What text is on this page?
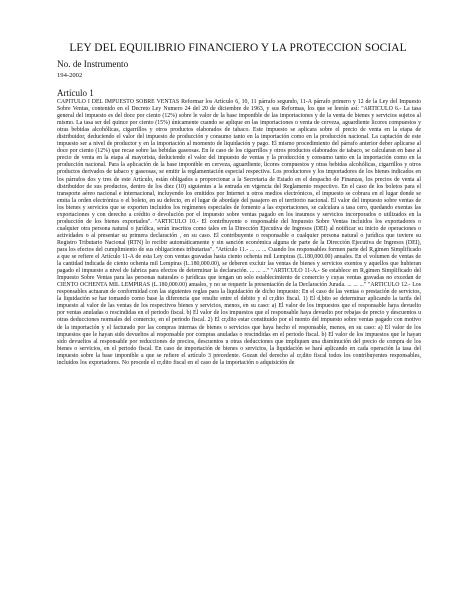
LEY DEL EQUILIBRIO FINANCIERO Y LA PROTECCION SOCIAL
No. de Instrumento
194-2002
Artículo 1
CAPITULO I DEL IMPUESTO SOBRE VENTAS Reformar los Artículo 6, 10, 11 párrafo segundo, 11-A párrafo primero y 12 de la Ley del Impuesto Sobre Ventas, contenido en el Decreto Ley Numero 24 del 20 de diciembre de 1963, y sus Reformas, los que se leerán así: "ARTICULO 6.- La tasa general del impuesto es del doce por ciento (12%) sobre le valor de la base imponible de las importaciones y de la venta de bienes y servicios sujetos al mismo. La tasa ser del quince por ciento (15%) únicamente cuando se aplique en las importaciones o venta de cerveza, aguardiente licores compuestos y otras bebidas alcohólicas, cigarrillos y otros productos elaborados de tabaco. Este impuesto se aplicara sobre el precio de venta en la etapa de distribuidor, deduciendo el valor del impuesto de producción y consumo tanto en la importación como en la producción nacional. La captación de este impuesto ser a nivel de productor y en la importación al momento de liquidación y pago. El mismo procedimiento del párrafo anterior deber aplicarse al doce por ciento (12%) que recae sobre las bebidas gaseosas. En le caso de los cigarrillos y otros productos elaborados de tabaco, se calcularan en base al precio de venta en la etapa al mayorista, deduciendo el valor del impuesto de ventas y la producción y consumo tanto en la importación como en la producción nacional. Para la aplicación de la base imponible en cerveza, aguardiente, licores compuestos y otras bebidas alcohólicas, cigarrillos y otros productos derivados de tabaco y gaseosas, se emitir la reglamentación especial respectiva. Los productores y los importadores de los bienes indicados en los párrafos dos y tres de este Artículo, están obligados a proporcionar a la Secretaria de Estado en el despacho de Finanzas, los precios de venta al distribuidor de sus productos, dentro de los diez (10) siguientes a la entrada en vigencia del Reglamento respectivo. En el caso de los boletos para el transporte aéreo nacional e internacional, incluyendo los emitidos por Internet u otros medios electrónicos, el impuesto se cobrara en el lugar donde se emita la orden electrónica o el boleto, en su defecto, en el lugar de abordaje del pasajero en el territorio nacional. El valor del impuesto sobre ventas de los bienes y servicios que se exporten incluidos los regímenes especiales de fomento a las exportaciones, se calculara a tasa cero, quedando exentas las exportaciones y con derecho a crédito o devolución por el impuesto sobre ventas pagado en los insumos y servicios incorporados o utilizados en la producción de los bienes exportados". "ARTICULO 10.- El contribuyente o responsable del Impuesto Sobre Ventas incluidos los exportadores o cualquier otra persona natural o jurídica, serán inscritos como tales en la Dirección Ejecutiva de Ingresos (DEI) al notificar su inicio de operaciones o actividades o al presentar su primera declaración , en su caso. El contribuyente o responsable o cualquier persona natural o jurídica que tuviere su Registro Tributario Nacional (RTN) lo recibir automáticamente y sin sanción económica alguna de parte de la Dirección Ejecutiva de Ingresos (DEI), para los efectos del cumplimiento de sus obligaciones tributarias". "Artículo 11.- ... ... ... Cuando los responsables formen parte del R,gimen Simplificado a que se refiere el Artículo 11-A de esta Ley con ventas gravadas hasta ciento ochenta mil Lempiras (L.180,000.00) anuales. En el volumen de ventas de la cantidad indicada de ciento ochenta mil Lempiras (L.180,000.00), se deberen excluir las ventas de bienes y servicios exentos y aquellos que hubieran pagado el impuesto a nivel de fabrica para efectos de determinar la declaración. ... ... ..." "ARTICULO 11-A.- Se establece en R,gimen Simplificado del Impuesto Sobre Ventas para las personas naturales o jurídicas que tengan un solo establecimiento de comercio y cuyas ventas gravadas no excedan de CIENTO OCHENTA MIL LEMPIRAS (L.180,000.00) anuales, y no se requerir la presentación de la Declaración Jurada. ... ... ..." "ARTICULO 12.- Los responsables actuaran de conformidad con las siguientes reglas para la liquidación de dicho impuesto: En el caso de las ventas o prestación de servicios, la liquidación se har tomando como base la diferencia que resulte entre el debito y el cr,dito fiscal. 1) El d,bito se determinar aplicando la tarifa del impuesto al valor de las ventas de los respectivos bienes y servicios, menos, en su caso: a) El valor de los impuestos que el responsable haya devuelto por ventas anuladas o rescindidas en el periodo fiscal. b) El valor de los impuestos que el responsable haya devuelto por rebajas de precio y descuentos u otras deducciones normales del comercio, en el periodo fiscal. 2) El cr,dito estar constituido por el monto del impuesto sobre ventas pagado con motivo de la importación y el facturado por las compras internas de bienes o servicios que haya hecho el responsable, menos, en su caso: a) El valor de los impuestos que le hayan sido devueltos al responsable por compras anuladas o rescindidas en el periodo fiscal. b) El valor de los impuestos que le hayan sido devueltos al responsable por reducciones de precios, descuentos u otras deducciones que impliquen una disminución del precio de compra de los bienes o servicios, en el periodo fiscal. En caso de importación de bienes o servicios, la liquidación se hará aplicando en cada operación la tasa del impuesto sobre la base imponible a que se refiere el artículo 3 precedente. Gozan del derecho al cr,dito fiscal todos los contribuyentes responsables, incluidos los exportadores. No procede el cr,dito fiscal en el caso de la importación o adquisición de
